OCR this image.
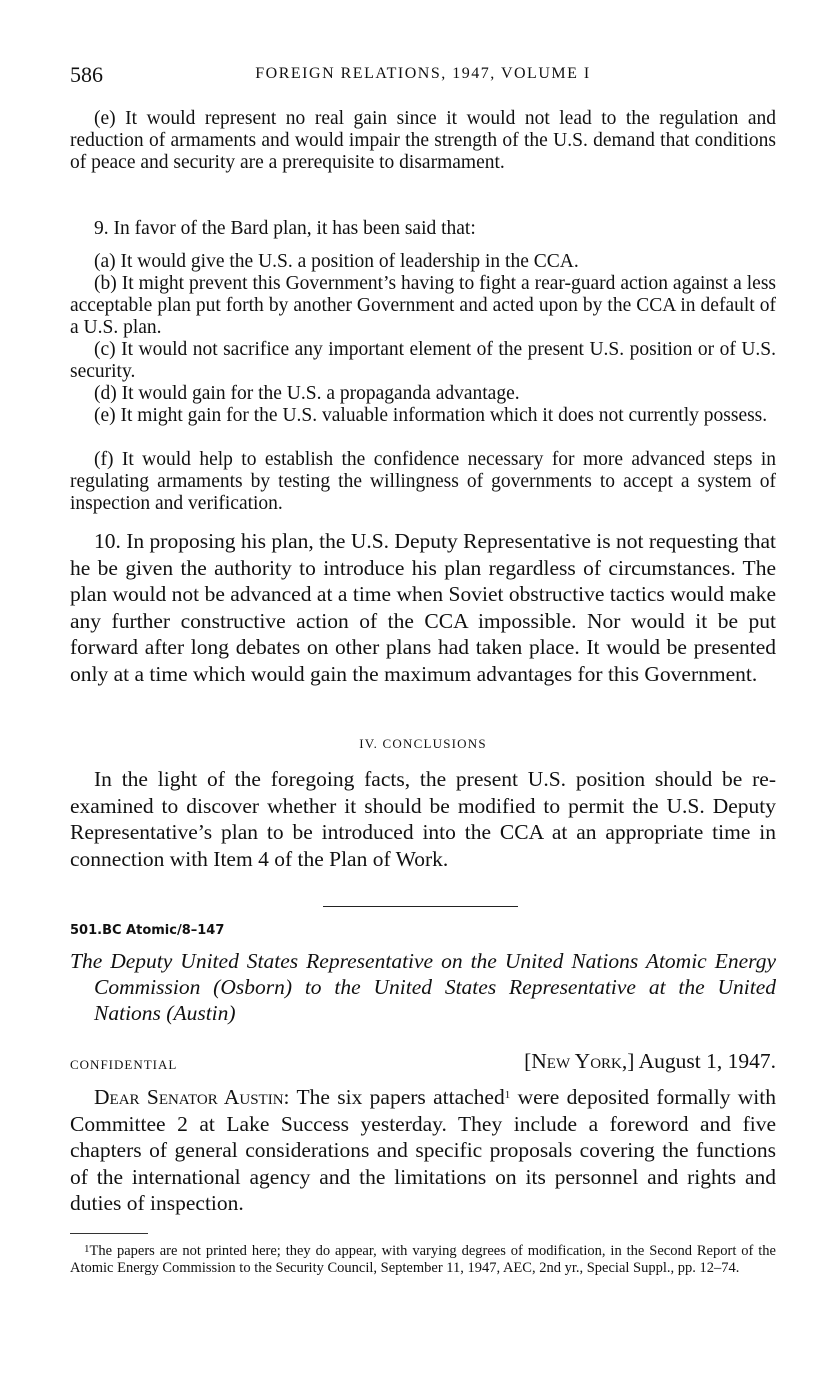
586	FOREIGN RELATIONS, 1947, VOLUME I

(e) It would represent no real gain since it would not lead to the regulation and reduction of armaments and would impair the strength of the U.S. demand that conditions of peace and security are a prerequisite to disarmament.

9. In favor of the Bard plan, it has been said that:

(a) It would give the U.S. a position of leadership in the CCA.

(b) It might prevent this Government’s having to fight a rear-guard action against a less acceptable plan put forth by another Government and acted upon by the CCA in default of a U.S. plan.

(c) It would not sacrifice any important element of the present U.S. position or of U.S. security.

(d) It would gain for the U.S. a propaganda advantage.

(e) It might gain for the U.S. valuable information which it does not currently possess.

(f) It would help to establish the confidence necessary for more advanced steps in regulating armaments by testing the willingness of governments to accept a system of inspection and verification.

10. In proposing his plan, the U.S. Deputy Representative is not requesting that he be given the authority to introduce his plan regardless of circumstances. The plan would not be advanced at a time when Soviet obstructive tactics would make any further constructive action of the CCA impossible. Nor would it be put forward after long debates on other plans had taken place. It would be presented only at a time which would gain the maximum advantages for this Government.

IV. CONCLUSIONS

In the light of the foregoing facts, the present U.S. position should be re-examined to discover whether it should be modified to permit the U.S. Deputy Representative’s plan to be introduced into the CCA at an appropriate time in connection with Item 4 of the Plan of Work.

501.BC Atomic/8–147

The Deputy United States Representative on the United Nations Atomic Energy Commission (Osborn) to the United States Representative at the United Nations (Austin)

CONFIDENTIAL	[New York,] August 1, 1947.

Dear Senator Austin: The six papers attached$^1$ were deposited formally with Committee 2 at Lake Success yesterday. They include a foreword and five chapters of general considerations and specific proposals covering the functions of the international agency and the limitations on its personnel and rights and duties of inspection.

$^1$The papers are not printed here; they do appear, with varying degrees of modification, in the Second Report of the Atomic Energy Commission to the Security Council, September 11, 1947, AEC, 2nd yr., Special Suppl., pp. 12–74.
